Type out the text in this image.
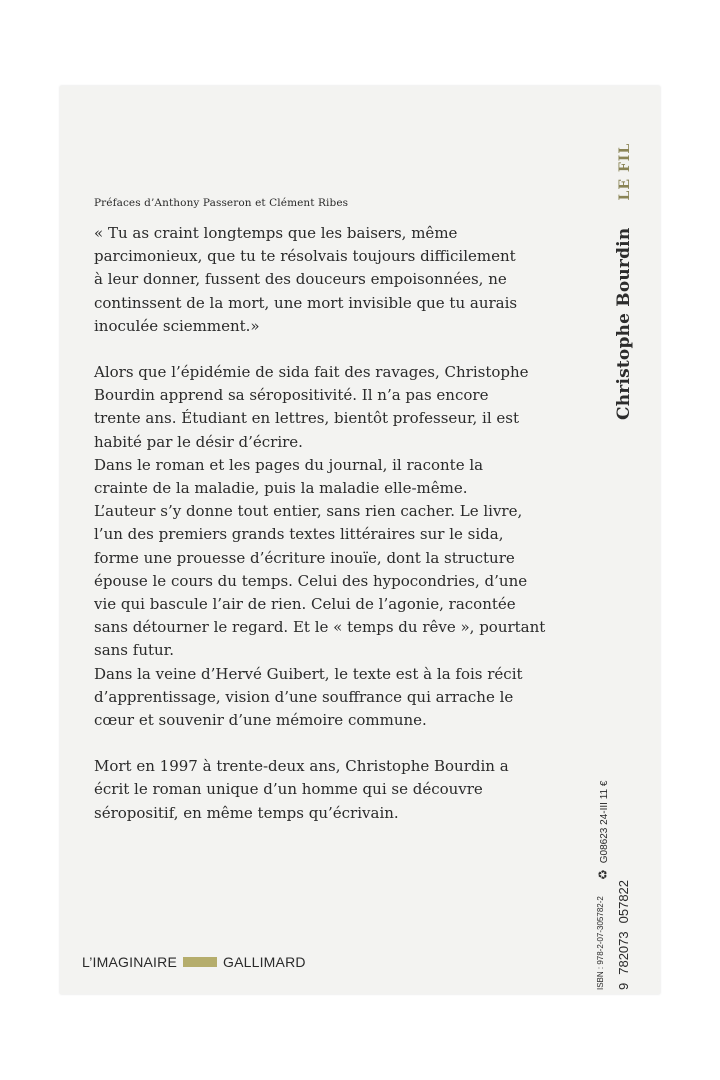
Préfaces d’Anthony Passeron et Clément Ribes

« Tu as craint longtemps que les baisers, même
parcimonieux, que tu te résolvais toujours difficilement
à leur donner, fussent des douceurs empoisonnées, ne
continssent de la mort, une mort invisible que tu aurais
inoculée sciemment.»

Alors que l’épidémie de sida fait des ravages, Christophe
Bourdin apprend sa séropositivité. Il n’a pas encore
trente ans. Étudiant en lettres, bientôt professeur, il est
habité par le désir d’écrire.
Dans le roman et les pages du journal, il raconte la
crainte de la maladie, puis la maladie elle-même.
L’auteur s’y donne tout entier, sans rien cacher. Le livre,
l’un des premiers grands textes littéraires sur le sida,
forme une prouesse d’écriture inouïe, dont la structure
épouse le cours du temps. Celui des hypocondries, d’une
vie qui bascule l’air de rien. Celui de l’agonie, racontée
sans détourner le regard. Et le « temps du rêve », pourtant
sans futur.
Dans la veine d’Hervé Guibert, le texte est à la fois récit
d’apprentissage, vision d’une souffrance qui arrache le
cœur et souvenir d’une mémoire commune.

Mort en 1997 à trente-deux ans, Christophe Bourdin a
écrit le roman unique d’un homme qui se découvre
séropositif, en même temps qu’écrivain.

Christophe Bourdin LE FIL
ISBN : 978-2-07-305782-2
♻G08623 24-III 11 €
9782073057822
L’IMAGINAIRE	GALLIMARD
